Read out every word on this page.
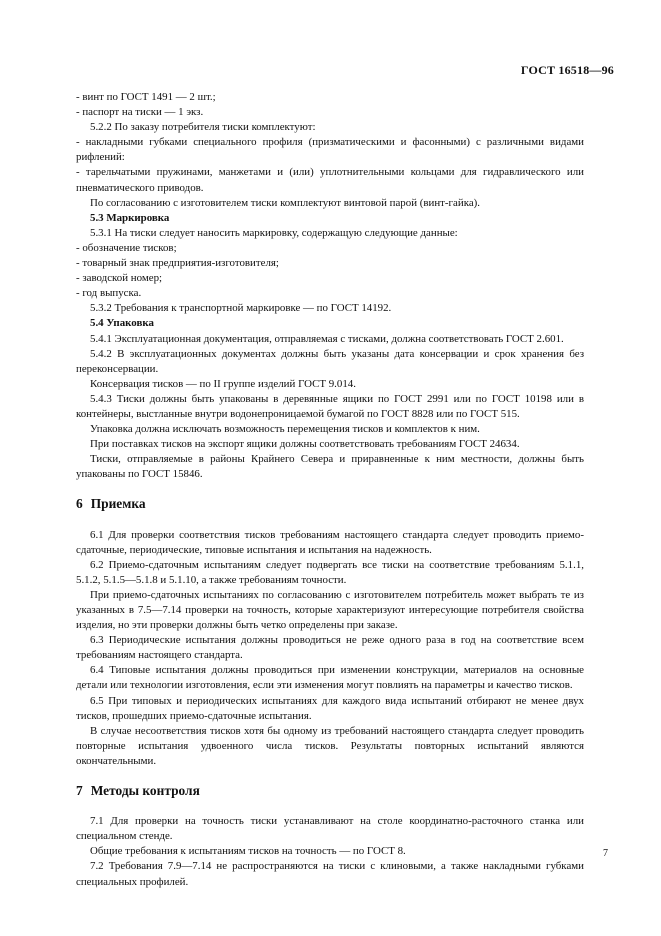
ГОСТ 16518—96

- винт по ГОСТ 1491 — 2 шт.;

- паспорт на тиски — 1 экз.

5.2.2 По заказу потребителя тиски комплектуют:

- накладными губками специального профиля (призматическими и фасонными) с различными видами рифлений:

- тарельчатыми пружинами, манжетами и (или) уплотнительными кольцами для гидравлического или пневматического приводов.

По согласованию с изготовителем тиски комплектуют винтовой парой (винт-гайка).

5.3 Маркировка

5.3.1 На тиски следует наносить маркировку, содержащую следующие данные:

- обозначение тисков;

- товарный знак предприятия-изготовителя;

- заводской номер;

- год выпуска.

5.3.2 Требования к транспортной маркировке — по ГОСТ 14192.

5.4 Упаковка

5.4.1 Эксплуатационная документация, отправляемая с тисками, должна соответствовать ГОСТ 2.601.

5.4.2 В эксплуатационных документах должны быть указаны дата консервации и срок хранения без переконсервации.

Консервация тисков — по II группе изделий ГОСТ 9.014.

5.4.3 Тиски должны быть упакованы в деревянные ящики по ГОСТ 2991 или по ГОСТ 10198 или в контейнеры, выстланные внутри водонепроницаемой бумагой по ГОСТ 8828 или по ГОСТ 515.

Упаковка должна исключать возможность перемещения тисков и комплектов к ним.

При поставках тисков на экспорт ящики должны соответствовать требованиям ГОСТ 24634.

Тиски, отправляемые в районы Крайнего Севера и приравненные к ним местности, должны быть упакованы по ГОСТ 15846.

6 Приемка

6.1 Для проверки соответствия тисков требованиям настоящего стандарта следует проводить приемо-сдаточные, периодические, типовые испытания и испытания на надежность.

6.2 Приемо-сдаточным испытаниям следует подвергать все тиски на соответствие требованиям 5.1.1, 5.1.2, 5.1.5—5.1.8 и 5.1.10, а также требованиям точности.

При приемо-сдаточных испытаниях по согласованию с изготовителем потребитель может выбрать те из указанных в 7.5—7.14 проверки на точность, которые характеризуют интересующие потребителя свойства изделия, но эти проверки должны быть четко определены при заказе.

6.3 Периодические испытания должны проводиться не реже одного раза в год на соответствие всем требованиям настоящего стандарта.

6.4 Типовые испытания должны проводиться при изменении конструкции, материалов на основные детали или технологии изготовления, если эти изменения могут повлиять на параметры и качество тисков.

6.5 При типовых и периодических испытаниях для каждого вида испытаний отбирают не менее двух тисков, прошедших приемо-сдаточные испытания.

В случае несоответствия тисков хотя бы одному из требований настоящего стандарта следует проводить повторные испытания удвоенного числа тисков. Результаты повторных испытаний являются окончательными.

7 Методы контроля

7.1 Для проверки на точность тиски устанавливают на столе координатно-расточного станка или специальном стенде.

Общие требования к испытаниям тисков на точность — по ГОСТ 8.

7.2 Требования 7.9—7.14 не распространяются на тиски с клиновыми, а также накладными губками специальных профилей.

7
